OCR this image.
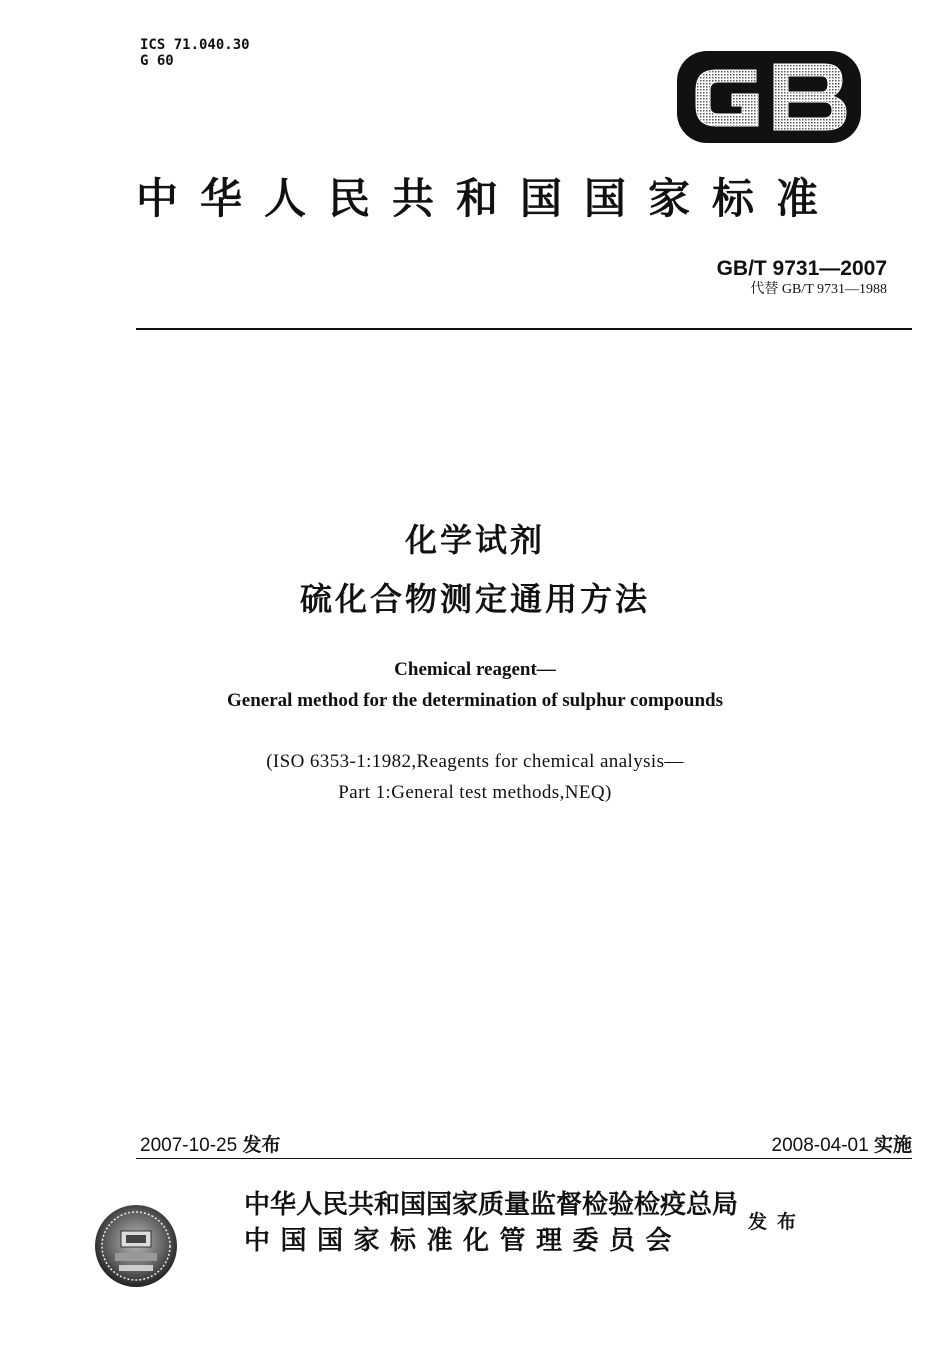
ICS 71.040.30
G 60
GB
中华人民共和国国家标准
GB/T 9731—2007
代替 GB/T 9731—1988
化学试剂
硫化合物测定通用方法
Chemical reagent—
General method for the determination of sulphur compounds
(ISO 6353-1:1982,Reagents for chemical analysis—
Part 1:General test methods,NEQ)
2007-10-25 发布	2008-04-01 实施
中华人民共和国国家质量监督检验检疫总局
中国国家标准化管理委员会
发布
